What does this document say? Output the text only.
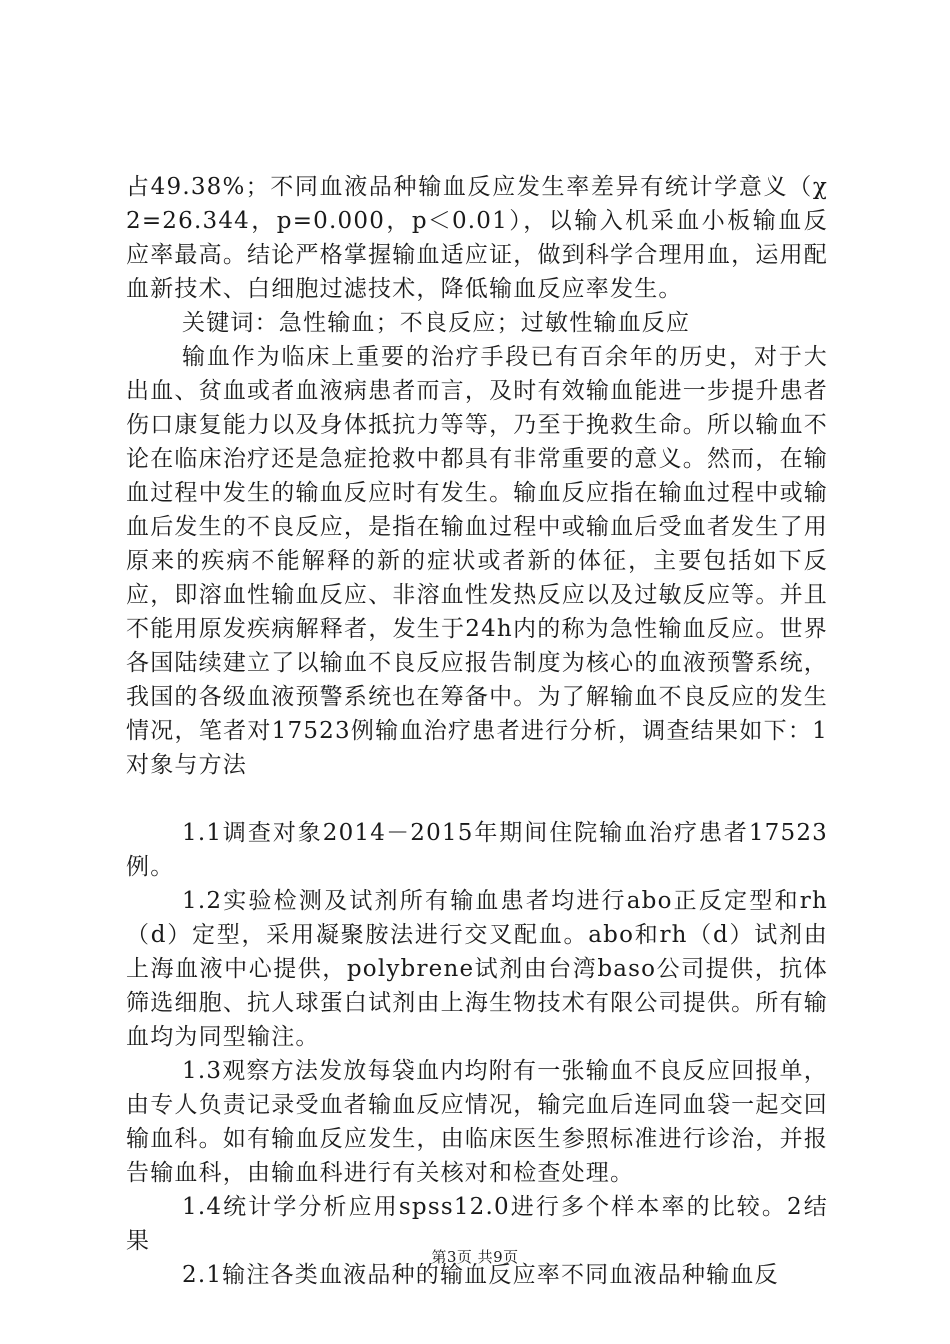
占49.38%；不同血液品种输血反应发生率差异有统计学意义（χ2=26.344，p=0.000，p＜0.01），以输入机采血小板输血反应率最高。结论严格掌握输血适应证，做到科学合理用血，运用配血新技术、白细胞过滤技术，降低输血反应率发生。

关键词：急性输血；不良反应；过敏性输血反应

输血作为临床上重要的治疗手段已有百余年的历史，对于大出血、贫血或者血液病患者而言，及时有效输血能进一步提升患者伤口康复能力以及身体抵抗力等等，乃至于挽救生命。所以输血不论在临床治疗还是急症抢救中都具有非常重要的意义。然而，在输血过程中发生的输血反应时有发生。输血反应指在输血过程中或输血后发生的不良反应，是指在输血过程中或输血后受血者发生了用原来的疾病不能解释的新的症状或者新的体征，主要包括如下反应，即溶血性输血反应、非溶血性发热反应以及过敏反应等。并且不能用原发疾病解释者，发生于24h内的称为急性输血反应。世界各国陆续建立了以输血不良反应报告制度为核心的血液预警系统，我国的各级血液预警系统也在筹备中。为了解输血不良反应的发生情况，笔者对17523例输血治疗患者进行分析，调查结果如下：1对象与方法

1.1调查对象2014－2015年期间住院输血治疗患者17523例。

1.2实验检测及试剂所有输血患者均进行abo正反定型和rh（d）定型，采用凝聚胺法进行交叉配血。abo和rh（d）试剂由上海血液中心提供，polybrene试剂由台湾baso公司提供，抗体筛选细胞、抗人球蛋白试剂由上海生物技术有限公司提供。所有输血均为同型输注。

1.3观察方法发放每袋血内均附有一张输血不良反应回报单，由专人负责记录受血者输血反应情况，输完血后连同血袋一起交回输血科。如有输血反应发生，由临床医生参照标准进行诊治，并报告输血科，由输血科进行有关核对和检查处理。

1.4统计学分析应用spss12.0进行多个样本率的比较。2结果

2.1输注各类血液品种的输血反应率不同血液品种输血反

第3页 共9页
